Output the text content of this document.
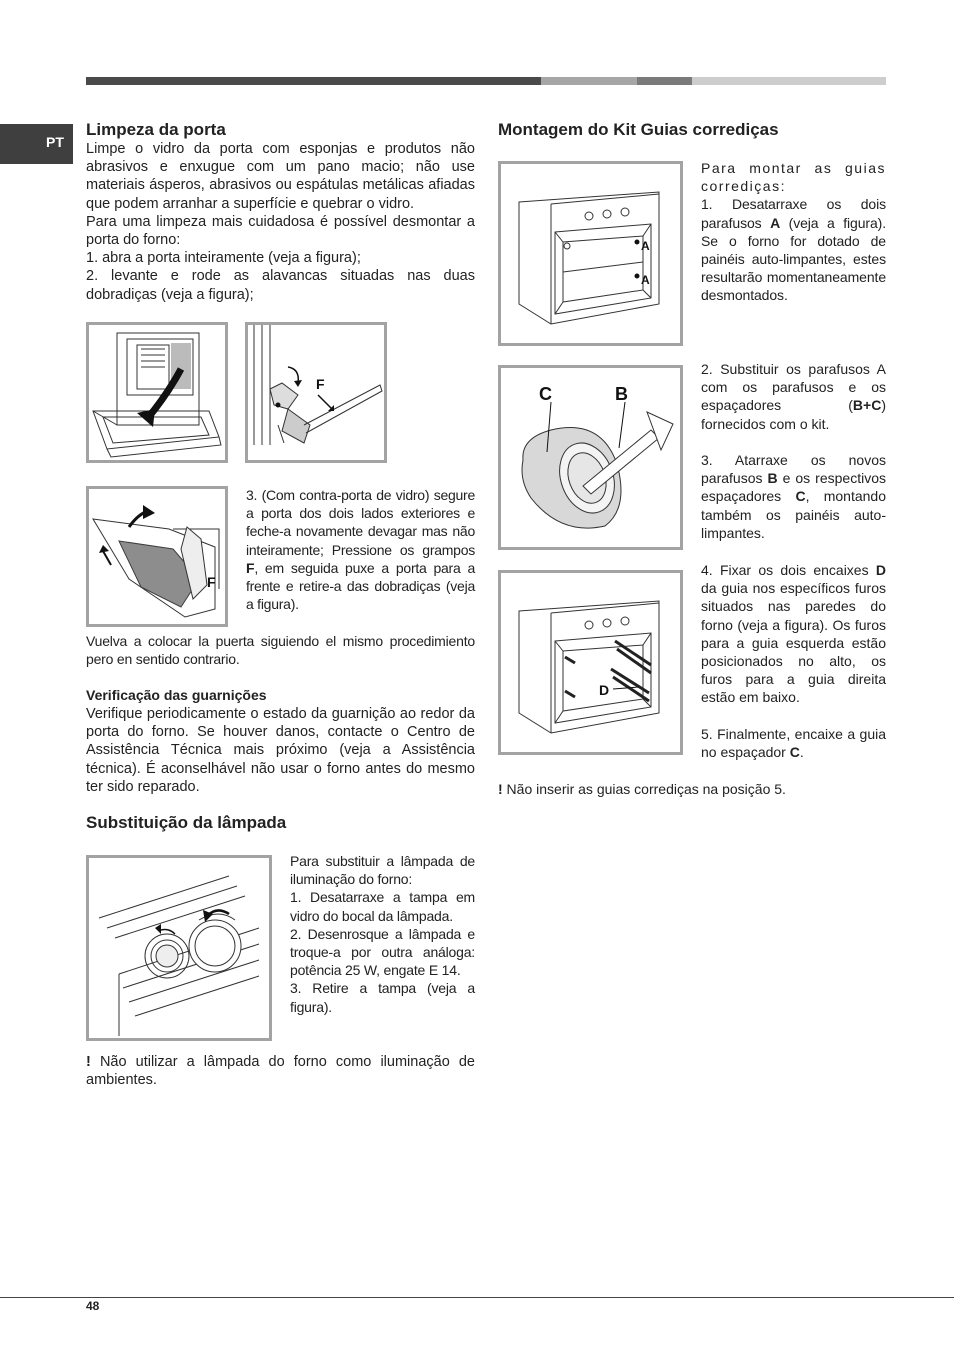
PT
Limpeza da porta

Limpe o vidro da porta com esponjas e produtos não abrasivos e enxugue com um pano macio; não use materiais ásperos, abrasivos ou espátulas metálicas afiadas que podem arranhar a superfície e quebrar o vidro.

Para uma limpeza mais cuidadosa é possível desmontar a porta do forno:

1. abra a porta inteiramente (veja a figura);

2. levante e rode as alavancas situadas nas duas dobradiças (veja a figura);

F
F
3. (Com contra-porta de vidro) segure a porta dos dois lados exteriores e feche-a novamente devagar mas não inteiramente; Pressione os grampos F, em seguida puxe a porta para a frente e retire-a das dobradiças (veja a figura).
Vuelva a colocar la puerta siguiendo el mismo procedimiento pero en sentido contrario.
Verificação das guarnições
Verifique periodicamente o estado da guarnição ao redor da porta do forno. Se houver danos, contacte o Centro de Assistência Técnica mais próximo (veja a Assistência técnica). É aconselhável não usar o forno antes do mesmo ter sido reparado.
Substituição da lâmpada

Para substituir a lâmpada de iluminação do forno:

1. Desatarraxe a tampa em vidro do bocal da lâmpada.

2. Desenrosque a lâmpada e troque-a por outra análoga: potência 25 W, engate E 14.

3. Retire a tampa (veja a figura).

! Não utilizar a lâmpada do forno como iluminação de ambientes.
Montagem do Kit Guias corrediças
A
A

Para montar as guias corrediças:

1. Desatarraxe os dois parafusos A (veja a figura). Se o forno for dotado de painéis auto-limpantes, estes resultarão momentaneamente desmontados.

C	B
2. Substituir os parafusos A com os parafusos e os espaçadores (B+C) fornecidos com o kit.
3. Atarraxe os novos parafusos B e os respectivos espaçadores C, montando também os painéis auto-limpantes.
D
4. Fixar os dois encaixes D da guia nos específicos furos situados nas paredes do forno (veja a figura). Os furos para a guia esquerda estão posicionados no alto, os furos para a guia direita estão em baixo.
5. Finalmente, encaixe a guia no espaçador C.
! Não inserir as guias corrediças na posição 5.
48
